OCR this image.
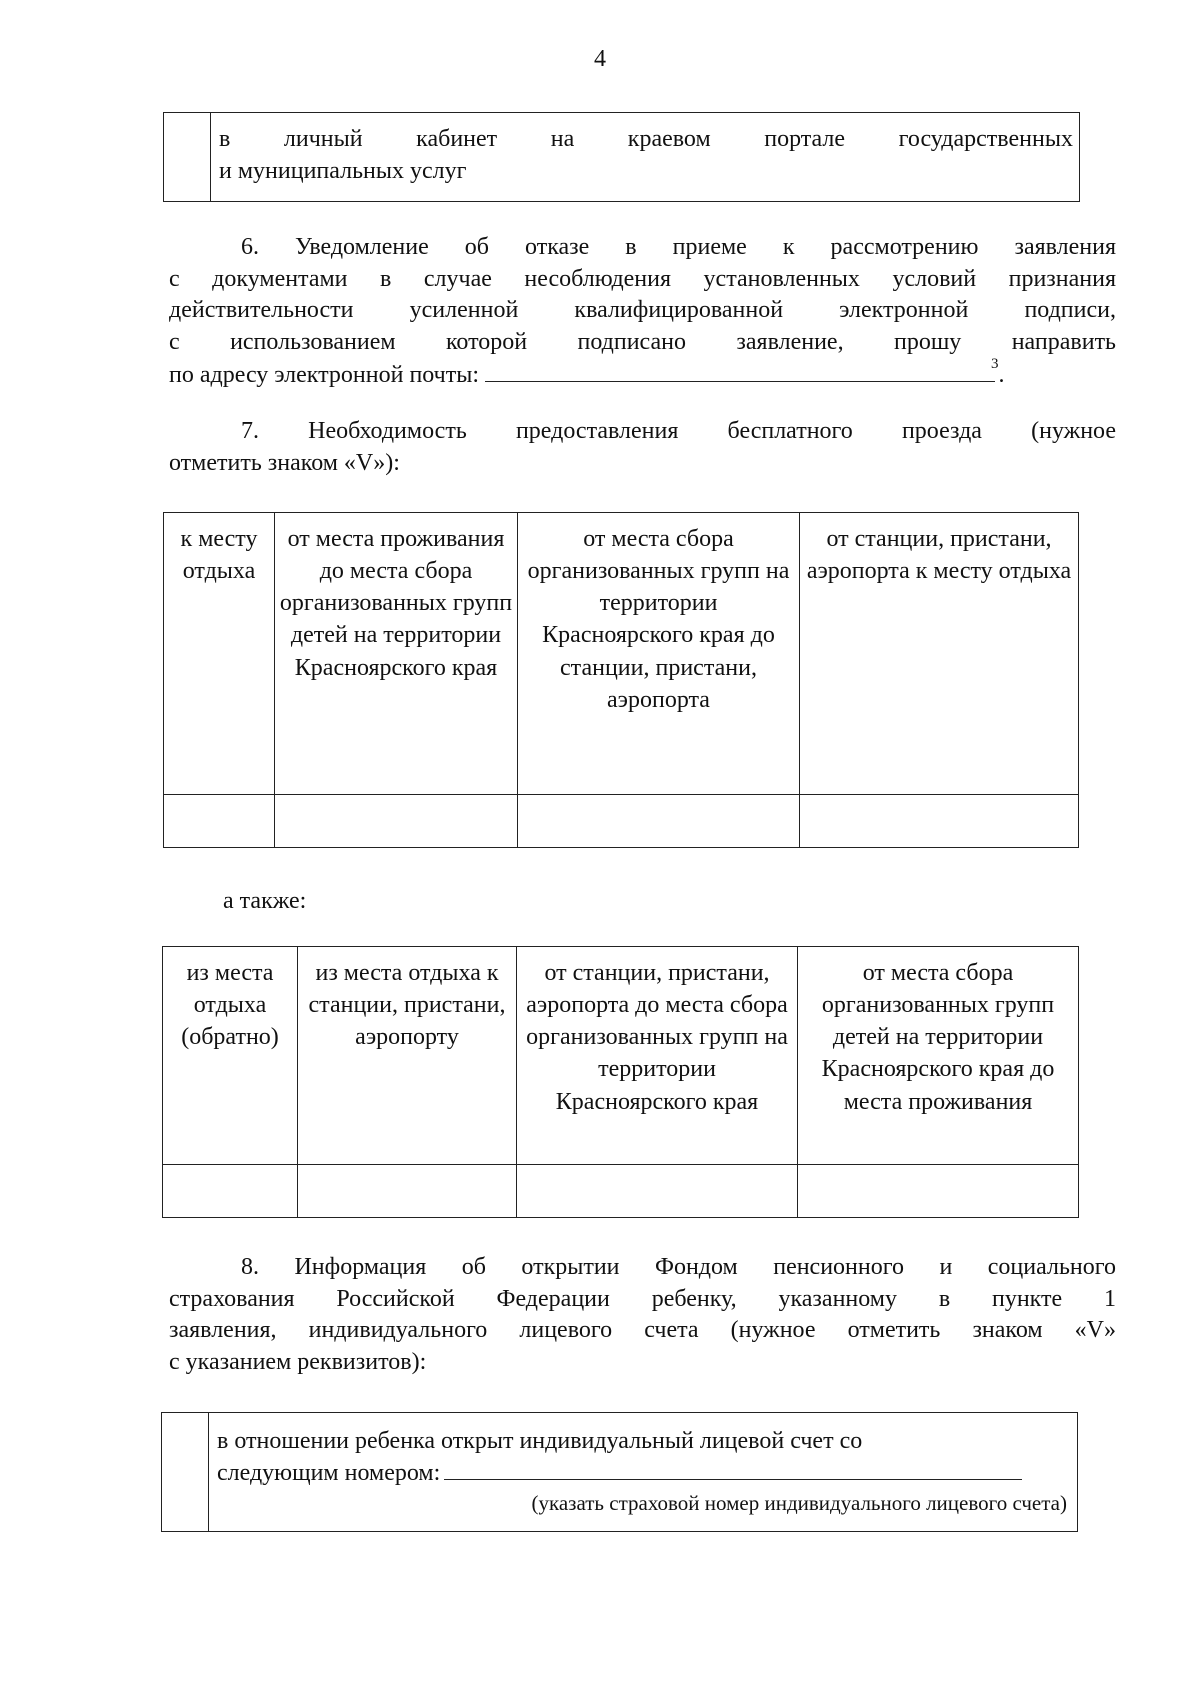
4

в личный кабинет на краевом портале государственных
и муниципальных услуг
6. Уведомление об отказе в приеме к рассмотрению заявления
с документами в случае несоблюдения установленных условий признания
действительности усиленной квалифицированной электронной подписи,
с использованием которой подписано заявление, прошу направить
по адресу электронной почты:	$^3$.
7. Необходимость предоставления бесплатного проезда (нужное
отметить знаком «V»):
к месту отдыха	от места проживания до места сбора организованных групп детей на территории Красноярского края	от места сбора организованных групп на территории Красноярского края до станции, пристани, аэропорта	от станции, пристани, аэропорта к месту отдыха

а также:
из места отдыха (обратно)	из места отдыха к станции, пристани, аэропорту	от станции, пристани, аэропорта до места сбора организованных групп на территории Красноярского края	от места сбора организованных групп детей на территории Красноярского края до места проживания

8. Информация об открытии Фондом пенсионного и социального
страхования Российской Федерации ребенку, указанному в пункте 1
заявления, индивидуального лицевого счета (нужное отметить знаком «V»
с указанием реквизитов):

в отношении ребенка открыт индивидуальный лицевой счет со
следующим номером:
(указать страховой номер индивидуального лицевого счета)
